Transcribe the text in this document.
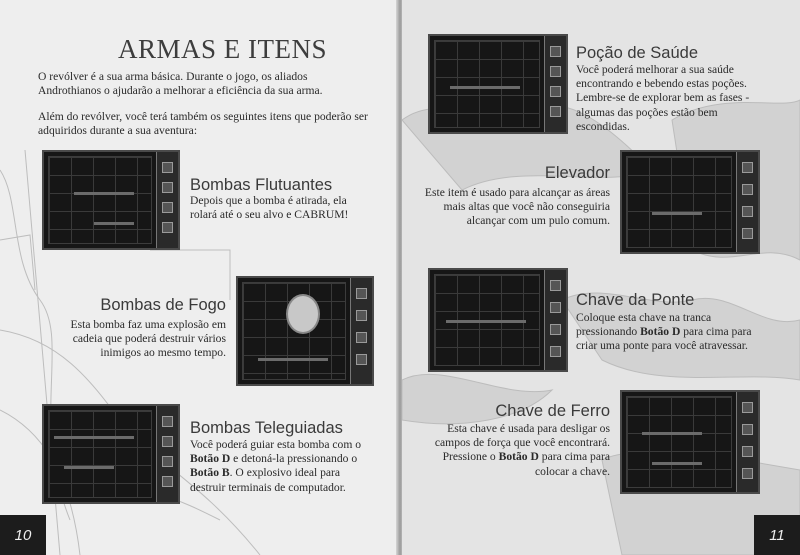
ARMAS E ITENS
O revólver é a sua arma básica. Durante o jogo, os aliados Androthianos o ajudarão a melhorar a eficiência da sua arma.
Além do revólver, você terá também os seguintes itens que poderão ser adquiridos durante a sua aventura:
Bombas Flutuantes
Depois que a bomba é atirada, ela rolará até o seu alvo e CABRUM!
Bombas de Fogo
Esta bomba faz uma explosão em cadeia que poderá destruir vários inimigos ao mesmo tempo.
Bombas Teleguiadas
Você poderá guiar esta bomba com o Botão D e detoná-la pressionando o Botão B. O explosivo ideal para destruir terminais de computador.
10
Poção de Saúde
Você poderá melhorar a sua saúde encontrando e bebendo estas poções. Lembre-se de explorar bem as fases - algumas das poções estão bem escondidas.
Elevador
Este item é usado para alcançar as áreas mais altas que você não conseguiria alcançar com um pulo comum.
Chave da Ponte
Coloque esta chave na tranca pressionando Botão D para cima para criar uma ponte para você atravessar.
Chave de Ferro
Esta chave é usada para desligar os campos de força que você encontrará. Pressione o Botão D para cima para colocar a chave.
11
